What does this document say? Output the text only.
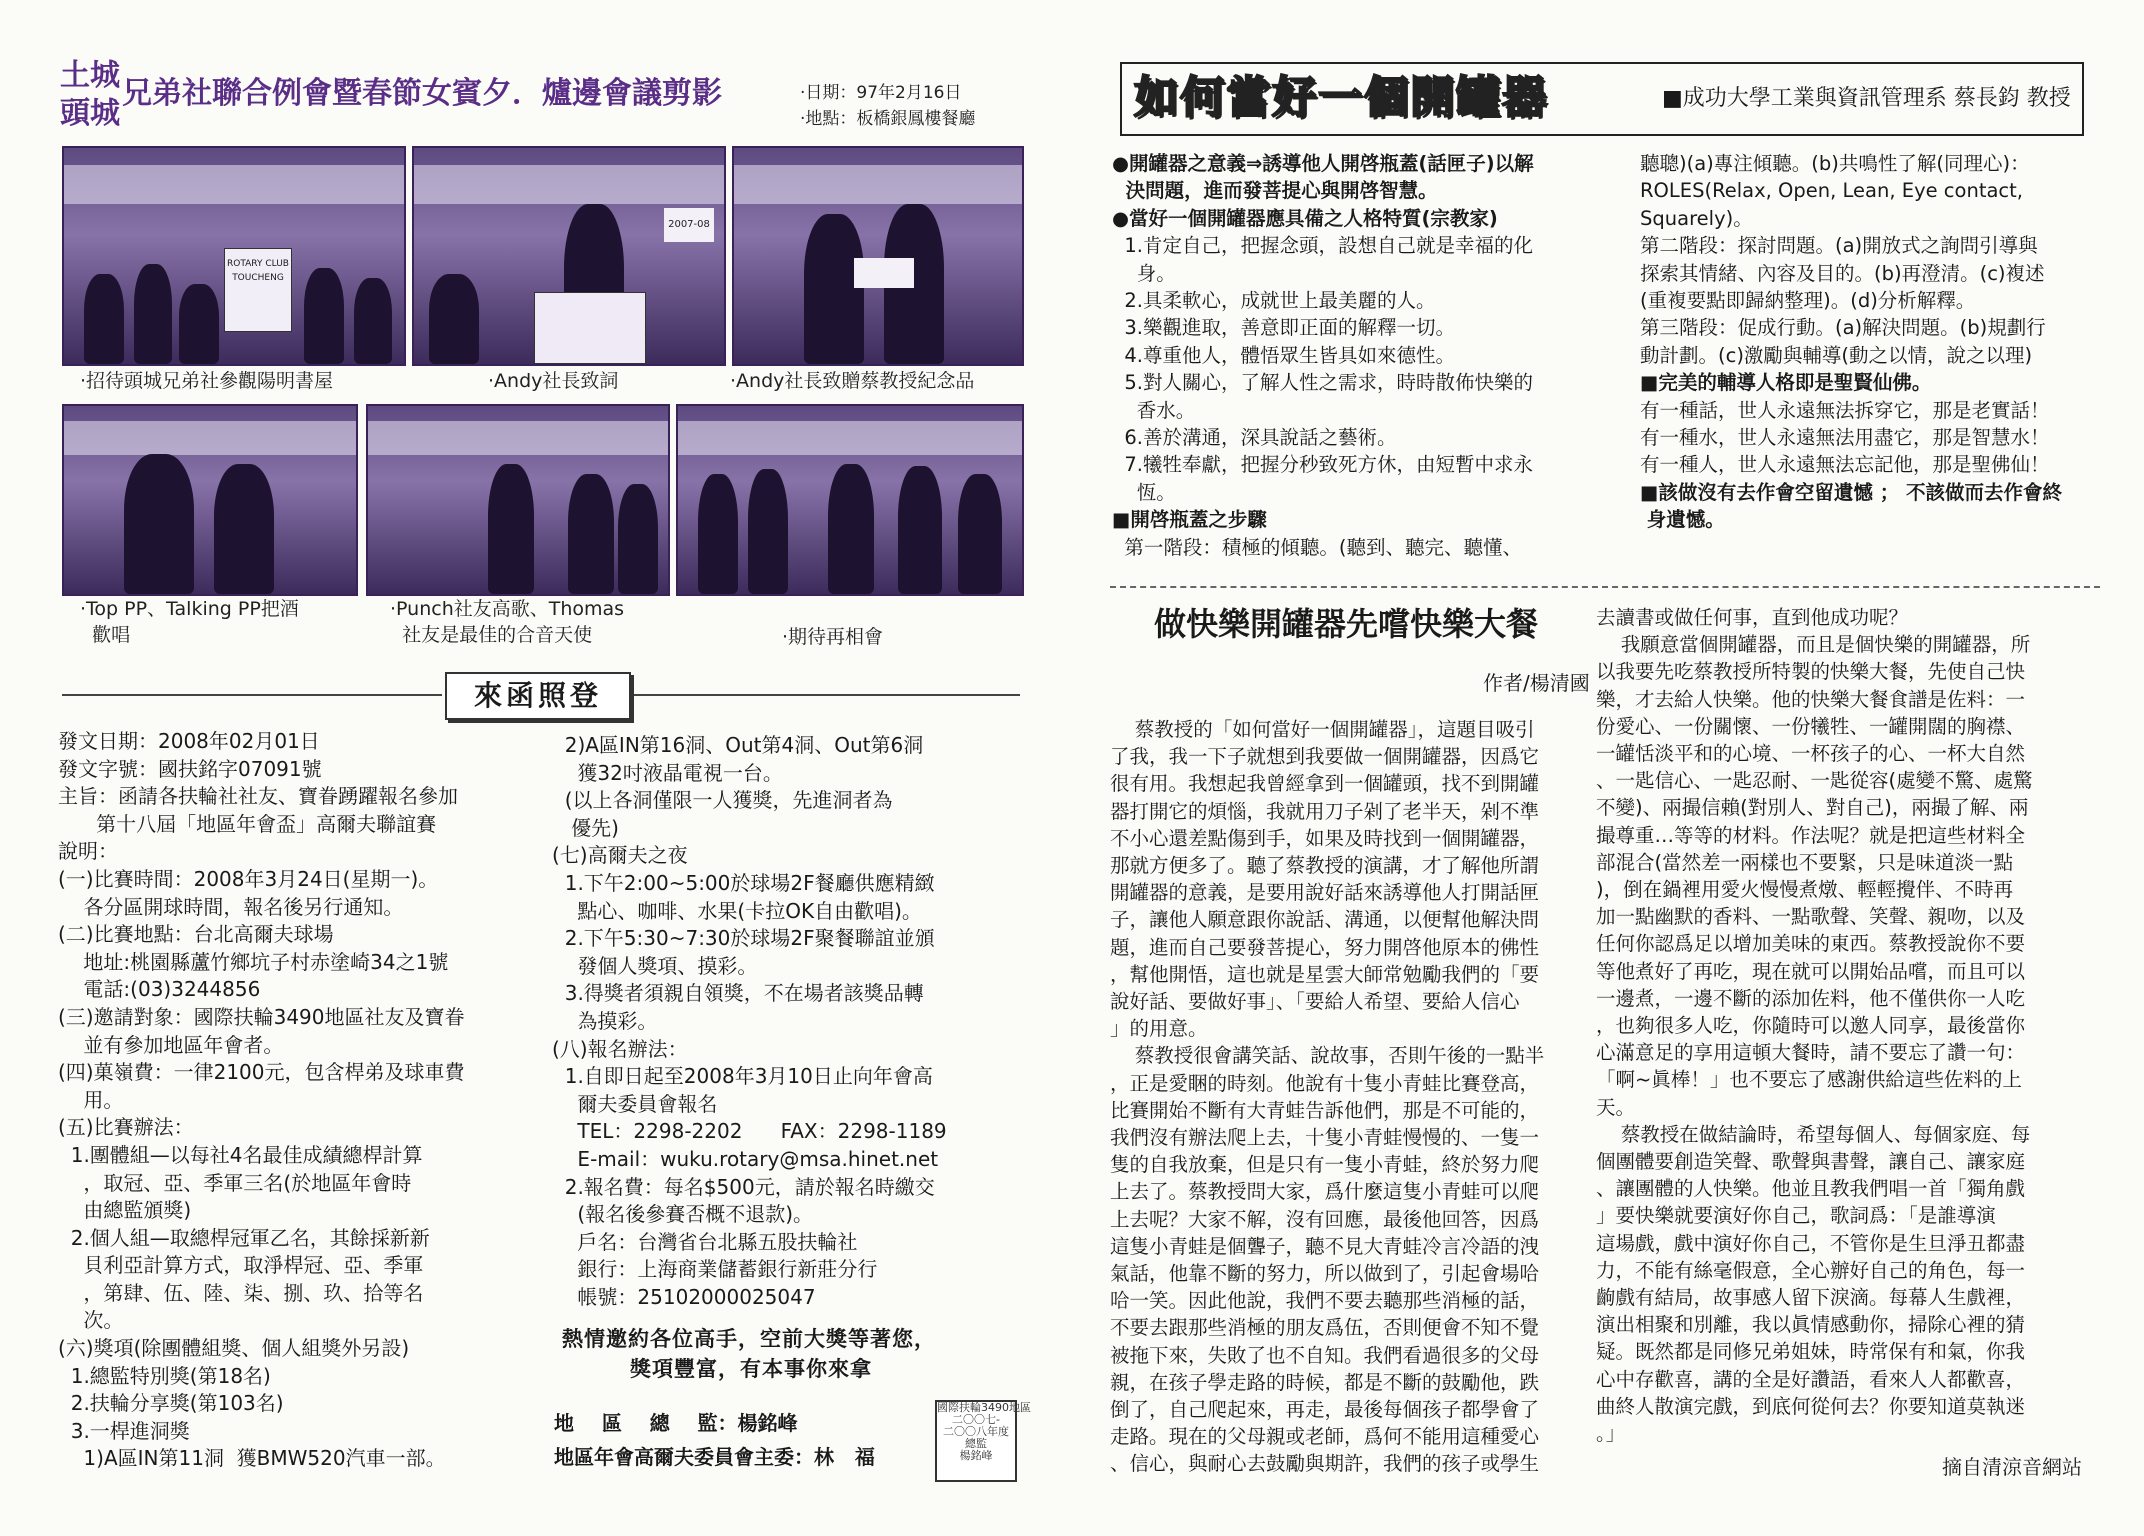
土城
頭城
兄弟社聯合例會暨春節女賓夕．爐邊會議剪影	‧日期：97年2月16日
‧地點：板橋銀鳳樓餐廳
ROTARY CLUB
TOUCHENG
2007-08
‧招待頭城兄弟社參觀陽明書屋	‧Andy社長致詞	‧Andy社長致贈蔡教授紀念品
‧Top PP、Talking PP把酒
歡唱
‧Punch社友高歌、Thomas
社友是最佳的合音天使	‧期待再相會
來函照登
發文日期：2008年02月01日
發文字號：國扶銘字07091號
主旨：函請各扶輪社社友、寶眷踴躍報名參加
第十八屆「地區年會盃」高爾夫聯誼賽
說明：
(一)比賽時間：2008年3月24日(星期一)。
各分區開球時間，報名後另行通知。
(二)比賽地點：台北高爾夫球場
地址:桃園縣蘆竹鄉坑子村赤塗崎34之1號
電話:(03)3244856
(三)邀請對象：國際扶輪3490地區社友及寶眷
並有參加地區年會者。
(四)菓嶺費：一律2100元，包含桿弟及球車費
用。
(五)比賽辦法：
1.團體組—以每社4名最佳成績總桿計算
，取冠、亞、季軍三名(於地區年會時
由總監頒獎)
2.個人組—取總桿冠軍乙名，其餘採新新
貝利亞計算方式，取淨桿冠、亞、季軍
，第肆、伍、陸、柒、捌、玖、拾等名
次。
(六)獎項(除團體組獎、個人組獎外另設)
1.總監特別獎(第18名)
2.扶輪分享獎(第103名)
3.一桿進洞獎
1)A區IN第11洞  獲BMW520汽車一部。
2)A區IN第16洞、Out第4洞、Out第6洞
獲32吋液晶電視一台。
(以上各洞僅限一人獲獎，先進洞者為
優先)
(七)高爾夫之夜
1.下午2:00~5:00於球場2F餐廳供應精緻
點心、咖啡、水果(卡拉OK自由歡唱)。
2.下午5:30~7:30於球場2F聚餐聯誼並頒
發個人獎項、摸彩。
3.得獎者須親自領獎，不在場者該獎品轉
為摸彩。
(八)報名辦法：
1.自即日起至2008年3月10日止向年會高
爾夫委員會報名
TEL：2298-2202      FAX：2298-1189
E-mail：wuku.rotary@msa.hinet.net
2.報名費：每名$500元，請於報名時繳交
(報名後參賽否概不退款)。
戶名：台灣省台北縣五股扶輪社
銀行：上海商業儲蓄銀行新莊分行
帳號：25102000025047
熱情邀約各位高手，空前大獎等著您，
獎項豐富，有本事你來拿
地    區    總    監：楊銘峰
地區年會高爾夫委員會主委：林   福
國際扶輪3490地區
二〇〇七-
二〇〇八年度
總監
楊銘峰
如何當好一個開罐器	■成功大學工業與資訊管理系 蔡長鈞 教授
●開罐器之意義⇒誘導他人開啓瓶蓋(話匣子)以解
決問題，進而發菩提心與開啓智慧。
●當好一個開罐器應具備之人格特質(宗教家)
1.肯定自己，把握念頭，設想自己就是幸福的化
身。
2.具柔軟心，成就世上最美麗的人。
3.樂觀進取，善意即正面的解釋一切。
4.尊重他人，體悟眾生皆具如來德性。
5.對人關心，了解人性之需求，時時散佈快樂的
香水。
6.善於溝通，深具說話之藝術。
7.犧牲奉獻，把握分秒致死方休，由短暫中求永
恆。
■開啓瓶蓋之步驟
第一階段：積極的傾聽。(聽到、聽完、聽懂、
聽聰)(a)專注傾聽。(b)共鳴性了解(同理心)：
ROLES(Relax, Open, Lean, Eye contact,
Squarely)。
第二階段：探討問題。(a)開放式之詢問引導與
探索其情緒、內容及目的。(b)再澄清。(c)複述
(重複要點即歸納整理)。(d)分析解釋。
第三階段：促成行動。(a)解決問題。(b)規劃行
動計劃。(c)激勵與輔導(動之以情，說之以理)
■完美的輔導人格即是聖賢仙佛。
有一種話，世人永遠無法拆穿它，那是老實話！
有一種水，世人永遠無法用盡它，那是智慧水！
有一種人，世人永遠無法忘記他，那是聖佛仙！
■該做沒有去作會空留遺憾 ； 不該做而去作會終
身遺憾。
做快樂開罐器先嚐快樂大餐
作者/楊清國
蔡教授的「如何當好一個開罐器」，這題目吸引
了我，我一下子就想到我要做一個開罐器，因爲它
很有用。我想起我曾經拿到一個罐頭，找不到開罐
器打開它的煩惱，我就用刀子剁了老半天，剁不準
不小心還差點傷到手，如果及時找到一個開罐器，
那就方便多了。聽了蔡教授的演講，才了解他所謂
開罐器的意義，是要用說好話來誘導他人打開話匣
子，讓他人願意跟你說話、溝通，以便幫他解決問
題，進而自己要發菩提心，努力開啓他原本的佛性
，幫他開悟，這也就是星雲大師常勉勵我們的「要
說好話、要做好事」、「要給人希望、要給人信心
」的用意。
蔡教授很會講笑話、說故事，否則午後的一點半
，正是愛睏的時刻。他說有十隻小青蛙比賽登高，
比賽開始不斷有大青蛙告訴他們，那是不可能的，
我們沒有辦法爬上去，十隻小青蛙慢慢的、一隻一
隻的自我放棄，但是只有一隻小青蛙，終於努力爬
上去了。蔡教授問大家，爲什麼這隻小青蛙可以爬
上去呢？大家不解，沒有回應，最後他回答，因爲
這隻小青蛙是個聾子，聽不見大青蛙冷言冷語的洩
氣話，他靠不斷的努力，所以做到了，引起會場哈
哈一笑。因此他說，我們不要去聽那些消極的話，
不要去跟那些消極的朋友爲伍，否則便會不知不覺
被拖下來，失敗了也不自知。我們看過很多的父母
親，在孩子學走路的時候，都是不斷的鼓勵他，跌
倒了，自己爬起來，再走，最後每個孩子都學會了
走路。現在的父母親或老師，爲何不能用這種愛心
、信心，與耐心去鼓勵與期許，我們的孩子或學生
去讀書或做任何事，直到他成功呢？
我願意當個開罐器，而且是個快樂的開罐器，所
以我要先吃蔡教授所特製的快樂大餐，先使自己快
樂，才去給人快樂。他的快樂大餐食譜是佐料：一
份愛心、一份關懷、一份犧牲、一罐開闊的胸襟、
一罐恬淡平和的心境、一杯孩子的心、一杯大自然
、一匙信心、一匙忍耐、一匙從容(處變不驚、處驚
不變)、兩撮信賴(對別人、對自己)，兩撮了解、兩
撮尊重…等等的材料。作法呢？就是把這些材料全
部混合(當然差一兩樣也不要緊，只是味道淡一點
)，倒在鍋裡用愛火慢慢煮燉、輕輕攪伴、不時再
加一點幽默的香料、一點歌聲、笑聲、親吻，以及
任何你認爲足以增加美味的東西。蔡教授說你不要
等他煮好了再吃，現在就可以開始品嚐，而且可以
一邊煮，一邊不斷的添加佐料，他不僅供你一人吃
，也夠很多人吃，你隨時可以邀人同享，最後當你
心滿意足的享用這頓大餐時，請不要忘了讚一句：
「啊~眞棒！」也不要忘了感謝供給這些佐料的上
天。
蔡教授在做結論時，希望每個人、每個家庭、每
個團體要創造笑聲、歌聲與書聲，讓自己、讓家庭
、讓團體的人快樂。他並且教我們唱一首「獨角戲
」要快樂就要演好你自己，歌詞爲：「是誰導演
這場戲，戲中演好你自己，不管你是生旦淨丑都盡
力，不能有絲毫假意，全心辦好自己的角色，每一
齣戲有結局，故事感人留下淚滴。每幕人生戲裡，
演出相聚和別離，我以眞情感動你，掃除心裡的猜
疑。既然都是同修兄弟姐妹，時常保有和氣，你我
心中存歡喜，講的全是好讚語，看來人人都歡喜，
曲終人散演完戲，到底何從何去？你要知道莫執迷
。」
摘自清涼音網站
